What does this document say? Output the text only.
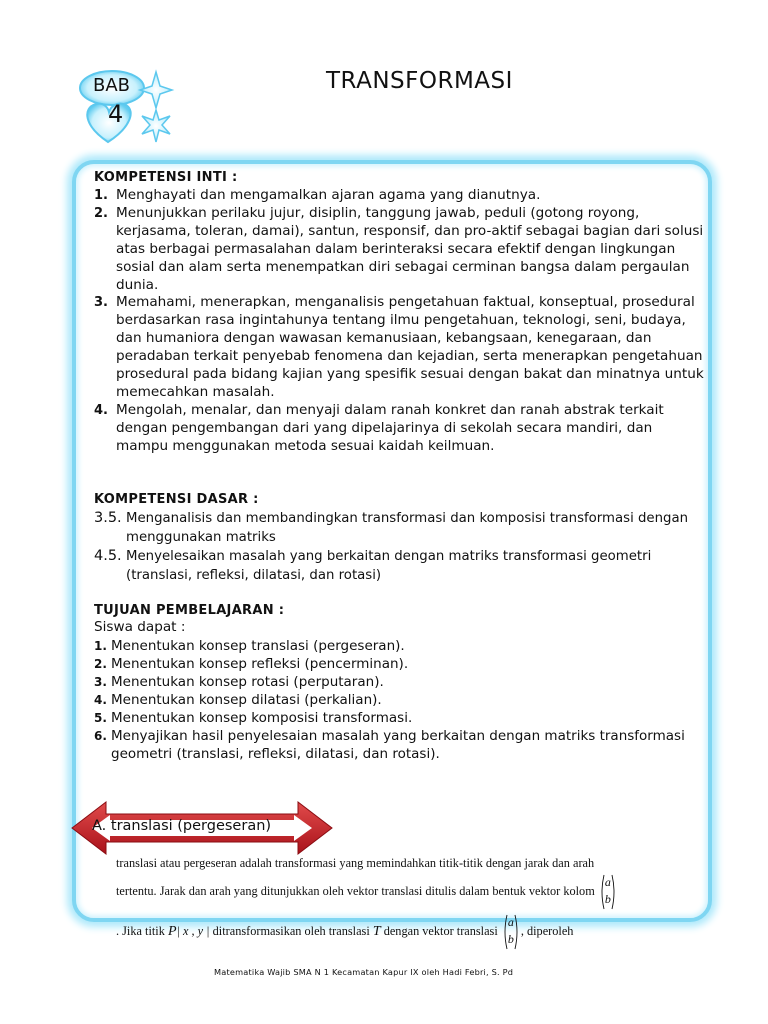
BAB
4
TRANSFORMASI
KOMPETENSI INTI :
1. Menghayati dan mengamalkan ajaran agama yang dianutnya.
2. Menunjukkan perilaku jujur, disiplin, tanggung jawab, peduli (gotong royong, kerjasama, toleran, damai), santun, responsif, dan pro-aktif sebagai bagian dari solusi atas berbagai permasalahan dalam berinteraksi secara efektif dengan lingkungan sosial dan alam serta menempatkan diri sebagai cerminan bangsa dalam pergaulan dunia.
3. Memahami, menerapkan, menganalisis pengetahuan faktual, konseptual, prosedural berdasarkan rasa ingintahunya tentang ilmu pengetahuan, teknologi, seni, budaya, dan humaniora dengan wawasan kemanusiaan, kebangsaan, kenegaraan, dan peradaban terkait penyebab fenomena dan kejadian, serta menerapkan pengetahuan prosedural pada bidang kajian yang spesifik sesuai dengan bakat dan minatnya untuk memecahkan masalah.
4. Mengolah, menalar, dan menyaji dalam ranah konkret dan ranah abstrak terkait dengan pengembangan dari yang dipelajarinya di sekolah secara mandiri, dan mampu menggunakan metoda sesuai kaidah keilmuan.
KOMPETENSI DASAR :
3.5. Menganalisis dan membandingkan transformasi dan komposisi transformasi dengan menggunakan matriks
4.5. Menyelesaikan masalah yang berkaitan dengan matriks transformasi geometri (translasi, refleksi, dilatasi, dan rotasi)
TUJUAN PEMBELAJARAN :
Siswa dapat :
1. Menentukan konsep translasi (pergeseran).
2. Menentukan konsep refleksi (pencerminan).
3. Menentukan konsep rotasi (perputaran).
4. Menentukan konsep dilatasi (perkalian).
5. Menentukan konsep komposisi transformasi.
6. Menyajikan hasil penyelesaian masalah yang berkaitan dengan matriks transformasi geometri (translasi, refleksi, dilatasi, dan rotasi).
A. translasi (pergeseran)
translasi atau pergeseran adalah transformasi yang memindahkan titik-titik dengan jarak dan arah
tertentu. Jarak dan arah yang ditunjukkan oleh vektor translasi ditulis dalam bentuk vektor kolom
a
b
. Jika titik P| x , y | ditransformasikan oleh translasi T dengan vektor translasi
a
b
, diperoleh
Matematika Wajib SMA N 1 Kecamatan Kapur IX oleh Hadi Febri, S. Pd
